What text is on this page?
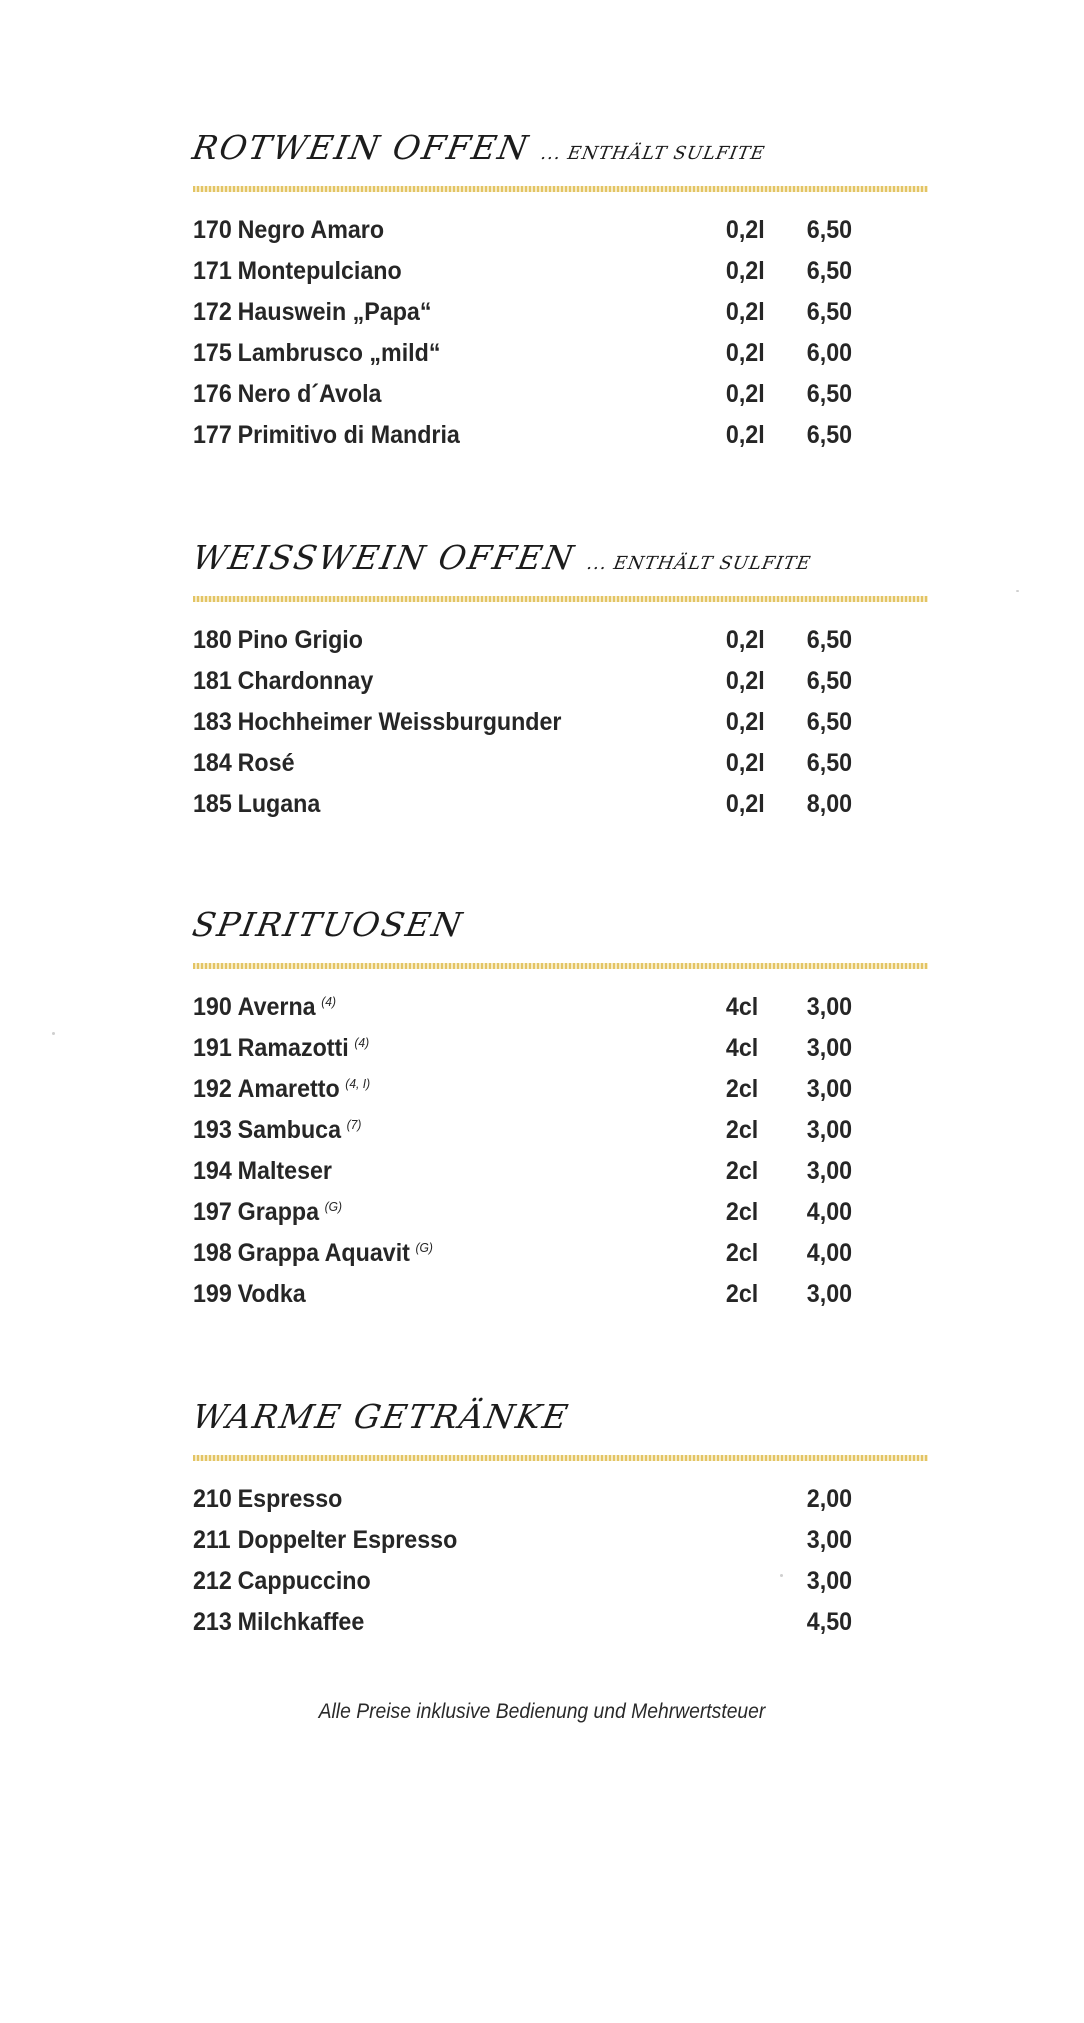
ROTWEIN OFFEN ... ENTHÄLT SULFITE
170 Negro Amaro	0,2l 6,50
171 Montepulciano	0,2l 6,50
172 Hauswein „Papa“	0,2l 6,50
175 Lambrusco „mild“	0,2l 6,00
176 Nero d´Avola	0,2l 6,50
177 Primitivo di Mandria	0,2l 6,50
WEISSWEIN OFFEN ... ENTHÄLT SULFITE
180 Pino Grigio	0,2l 6,50
181 Chardonnay	0,2l 6,50
183 Hochheimer Weissburgunder	0,2l 6,50
184 Rosé	0,2l 6,50
185 Lugana	0,2l 8,00
SPIRITUOSEN
190 Averna $^{(4)}$	4cl 3,00
191 Ramazotti $^{(4)}$	4cl 3,00
192 Amaretto $^{(4, I)}$	2cl 3,00
193 Sambuca $^{(7)}$	2cl 3,00
194 Malteser	2cl 3,00
197 Grappa $^{(G)}$	2cl 4,00
198 Grappa Aquavit $^{(G)}$	2cl 4,00
199 Vodka	2cl 3,00
WARME GETRÄNKE
210 Espresso	2,00
211 Doppelter Espresso	3,00
212 Cappuccino	3,00
213 Milchkaffee	4,50
Alle Preise inklusive Bedienung und Mehrwertsteuer
